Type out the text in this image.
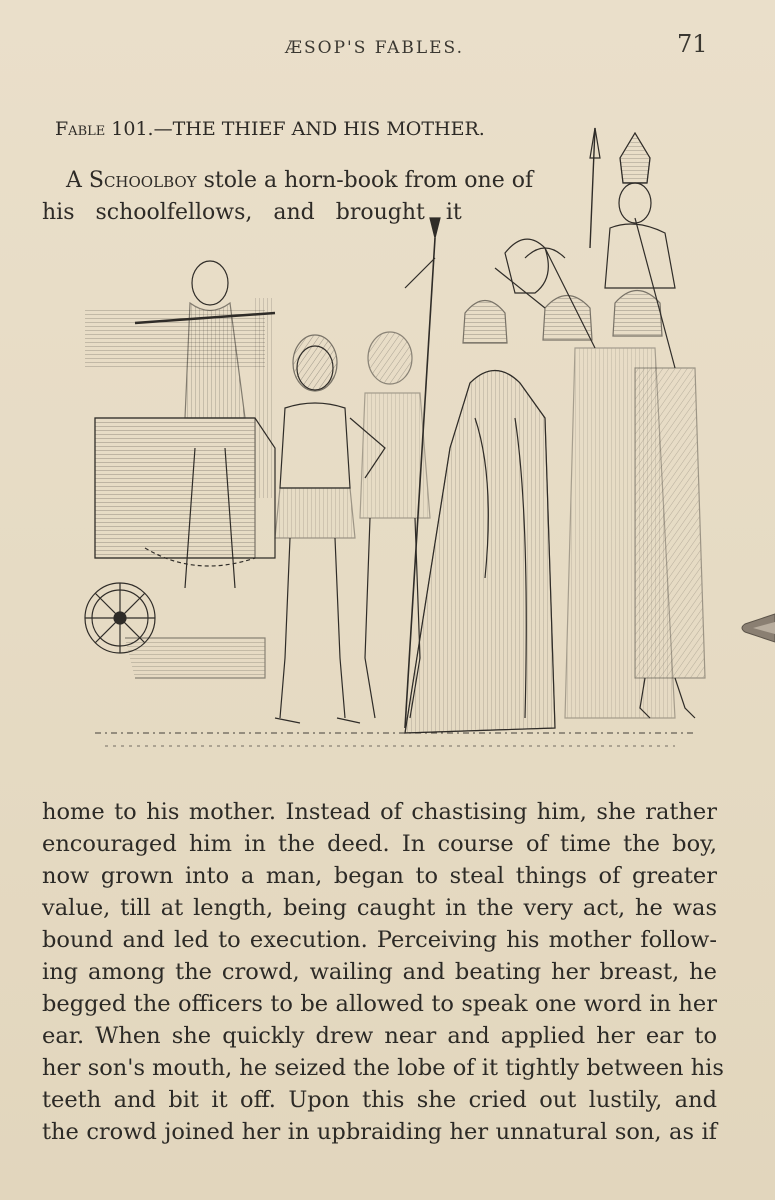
ÆSOP'S FABLES.	71
Fable 101.—THE THIEF AND HIS MOTHER.
A Schoolboy stole a horn-book from one of
his schoolfellows, and brought it
home to his mother. Instead of chastising him, she rather
encouraged him in the deed. In course of time the boy,
now grown into a man, began to steal things of greater
value, till at length, being caught in the very act, he was
bound and led to execution. Perceiving his mother follow-
ing among the crowd, wailing and beating her breast, he
begged the officers to be allowed to speak one word in her
ear. When she quickly drew near and applied her ear to
her son's mouth, he seized the lobe of it tightly between his
teeth and bit it off. Upon this she cried out lustily, and
the crowd joined her in upbraiding her unnatural son, as if
